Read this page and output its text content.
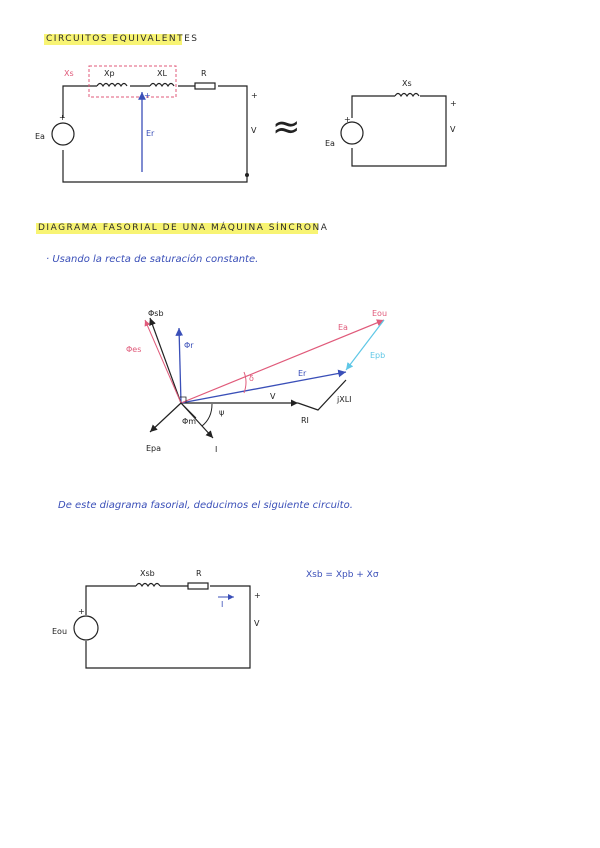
CIRCUITOS EQUIVALENTES
DIAGRAMA FASORIAL DE UNA MÁQUINA SÍNCRONA
· Usando la recta de saturación constante.
De este diagrama fasorial, deducimos el siguiente circuito.
Xsb = Xpb + Xσ
Xs	Xp	XL	R
Ea
+
Er
+	+
V ≈
Xs
Ea
+
+
V
Φsb
Φes	Φr
Φm
Epa
Ea
Eou
Epb
δ
Er
V	jXLI
RI
ψ
I
Xsb	R
I
Eou
+
+
V
